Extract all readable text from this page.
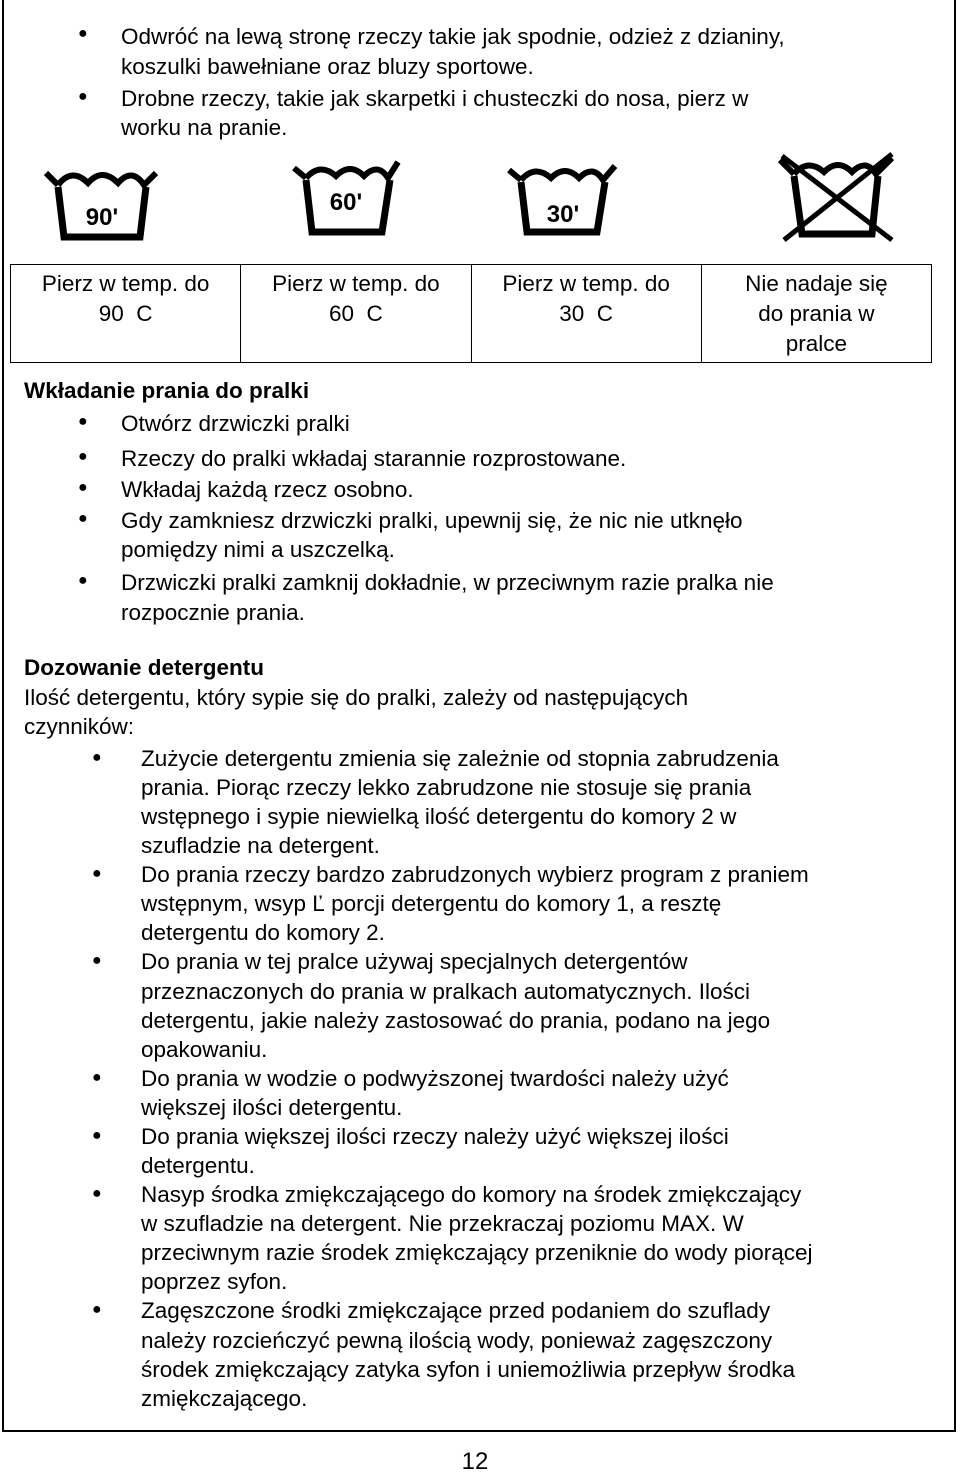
● Odwróć na lewą stronę rzeczy takie jak spodnie, odzież z dzianiny,
koszulki bawełniane oraz bluzy sportowe.
● Drobne rzeczy, takie jak skarpetki i chusteczki do nosa, pierz w
worku na pranie.
90'
60'	30'
Pierz w temp. do
90  C

Pierz w temp. do
60  C

Pierz w temp. do
30  C

Nie nadaje się
do prania w
pralce
Wkładanie prania do pralki
● Otwórz drzwiczki pralki
● Rzeczy do pralki wkładaj starannie rozprostowane.
● Wkładaj każdą rzecz osobno.
● Gdy zamkniesz drzwiczki pralki, upewnij się, że nic nie utknęło
pomiędzy nimi a uszczelką.
● Drzwiczki pralki zamknij dokładnie, w przeciwnym razie pralka nie
rozpocznie prania.
Dozowanie detergentu
Ilość detergentu, który sypie się do pralki, zależy od następujących
czynników:
● Zużycie detergentu zmienia się zależnie od stopnia zabrudzenia
prania. Piorąc rzeczy lekko zabrudzone nie stosuje się prania
wstępnego i sypie niewielką ilość detergentu do komory 2 w
szufladzie na detergent.
● Do prania rzeczy bardzo zabrudzonych wybierz program z praniem
wstępnym, wsyp Ľ porcji detergentu do komory 1, a resztę
detergentu do komory 2.
● Do prania w tej pralce używaj specjalnych detergentów
przeznaczonych do prania w pralkach automatycznych. Ilości
detergentu, jakie należy zastosować do prania, podano na jego
opakowaniu.
● Do prania w wodzie o podwyższonej twardości należy użyć
większej ilości detergentu.
● Do prania większej ilości rzeczy należy użyć większej ilości
detergentu.
● Nasyp środka zmiękczającego do komory na środek zmiękczający
w szufladzie na detergent. Nie przekraczaj poziomu MAX. W
przeciwnym razie środek zmiękczający przeniknie do wody piorącej
poprzez syfon.
● Zagęszczone środki zmiękczające przed podaniem do szuflady
należy rozcieńczyć pewną ilością wody, ponieważ zagęszczony
środek zmiękczający zatyka syfon i uniemożliwia przepływ środka
zmiękczającego.
12
